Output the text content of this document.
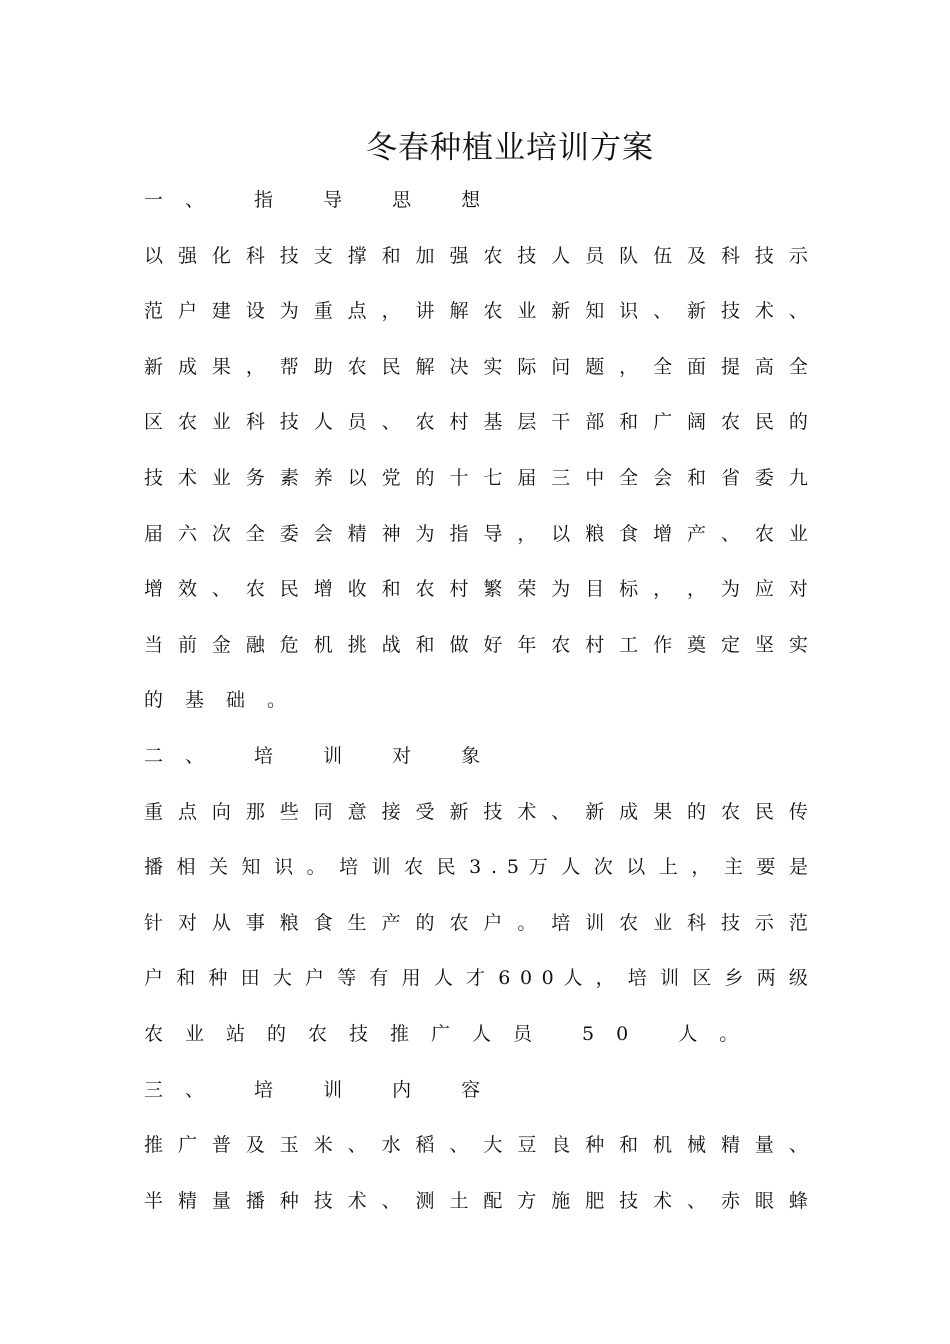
冬春种植业培训方案
一、 指 导 思 想
以 强 化 科 技 支 撑 和 加 强 农 技 人 员 队 伍 及 科 技 示
范 户 建 设 为 重 点 ， 讲 解 农 业 新 知 识 、 新 技 术 、
新 成 果 ， 帮 助 农 民 解 决 实 际 问 题 ， 全 面 提 高 全
区 农 业 科 技 人 员 、 农 村 基 层 干 部 和 广 阔 农 民 的
技 术 业 务 素 养 以 党 的 十 七 届 三 中 全 会 和 省 委 九
届 六 次 全 委 会 精 神 为 指 导 ， 以 粮 食 增 产 、 农 业
增 效 、 农 民 增 收 和 农 村 繁 荣 为 目 标 ， ， 为 应 对
当 前 金 融 危 机 挑 战 和 做 好 年 农 村 工 作 奠 定 坚 实
的基础。
二、 培 训 对 象
重 点 向 那 些 同 意 接 受 新 技 术 、 新 成 果 的 农 民 传
播 相 关 知 识 。 培 训 农 民 3 . 5 万 人 次 以 上 ， 主 要 是
针 对 从 事 粮 食 生 产 的 农 户 。 培 训 农 业 科 技 示 范
户 和 种 田 大 户 等 有 用 人 才 6 0 0 人 ， 培 训 区 乡 两 级
农业站的农技推广人员 50 人。
三、 培 训 内 容
推 广 普 及 玉 米 、 水 稻 、 大 豆 良 种 和 机 械 精 量 、
半 精 量 播 种 技 术 、 测 土 配 方 施 肥 技 术 、 赤 眼 蜂
